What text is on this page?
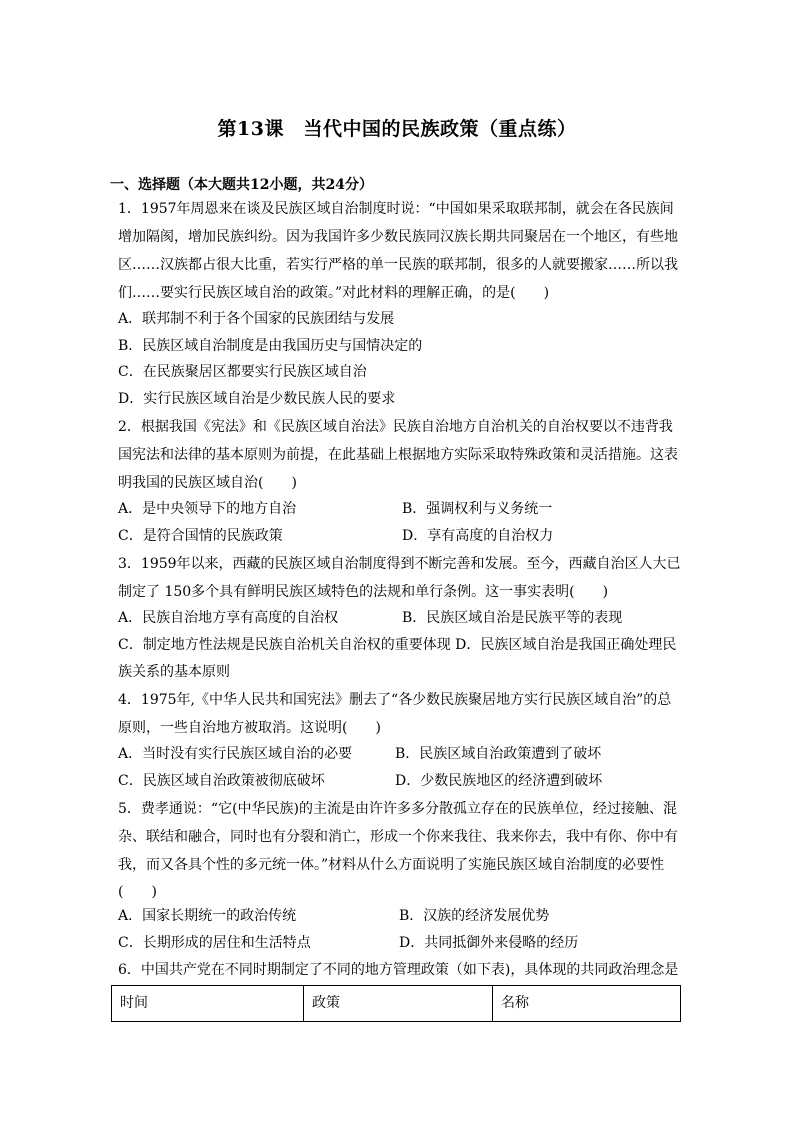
第13课　当代中国的民族政策（重点练）
一、选择题（本大题共12小题，共24分）
1．1957年周恩来在谈及民族区域自治制度时说：“中国如果采取联邦制，就会在各民族间
增加隔阂，增加民族纠纷。因为我国许多少数民族同汉族长期共同聚居在一个地区，有些地
区……汉族都占很大比重，若实行严格的单一民族的联邦制，很多的人就要搬家……所以我
们……要实行民族区域自治的政策。”对此材料的理解正确，的是(　　)
A．联邦制不利于各个国家的民族团结与发展
B．民族区域自治制度是由我国历史与国情决定的
C．在民族聚居区都要实行民族区域自治
D．实行民族区域自治是少数民族人民的要求
2．根据我国《宪法》和《民族区域自治法》民族自治地方自治机关的自治权要以不违背我
国宪法和法律的基本原则为前提，在此基础上根据地方实际采取特殊政策和灵活措施。这表
明我国的民族区域自治(　　)
A．是中央领导下的地方自治	B．强调权利与义务统一
C．是符合国情的民族政策	D．享有高度的自治权力
3．1959年以来，西藏的民族区域自治制度得到不断完善和发展。至今，西藏自治区人大已
制定了 150多个具有鲜明民族区域特色的法规和单行条例。这一事实表明(　　)
A．民族自治地方享有高度的自治权	B．民族区域自治是民族平等的表现
C．制定地方性法规是民族自治机关自治权的重要体现 D．民族区域自治是我国正确处理民
族关系的基本原则
4．1975年,《中华人民共和国宪法》删去了“各少数民族聚居地方实行民族区域自治”的总
原则，一些自治地方被取消。这说明(　　)
A．当时没有实行民族区域自治的必要	B．民族区域自治政策遭到了破坏
C．民族区域自治政策被彻底破坏	D．少数民族地区的经济遭到破坏
5．费孝通说：“它(中华民族)的主流是由许许多多分散孤立存在的民族单位，经过接触、混
杂、联结和融合，同时也有分裂和消亡，形成一个你来我往、我来你去，我中有你、你中有
我，而又各具个性的多元统一体。”材料从什么方面说明了实施民族区域自治制度的必要性
(　　)
A．国家长期统一的政治传统	B．汉族的经济发展优势
C．长期形成的居住和生活特点	D．共同抵御外来侵略的经历
6．中国共产党在不同时期制定了不同的地方管理政策（如下表)，具体现的共同政治理念是
时间	政策	名称
